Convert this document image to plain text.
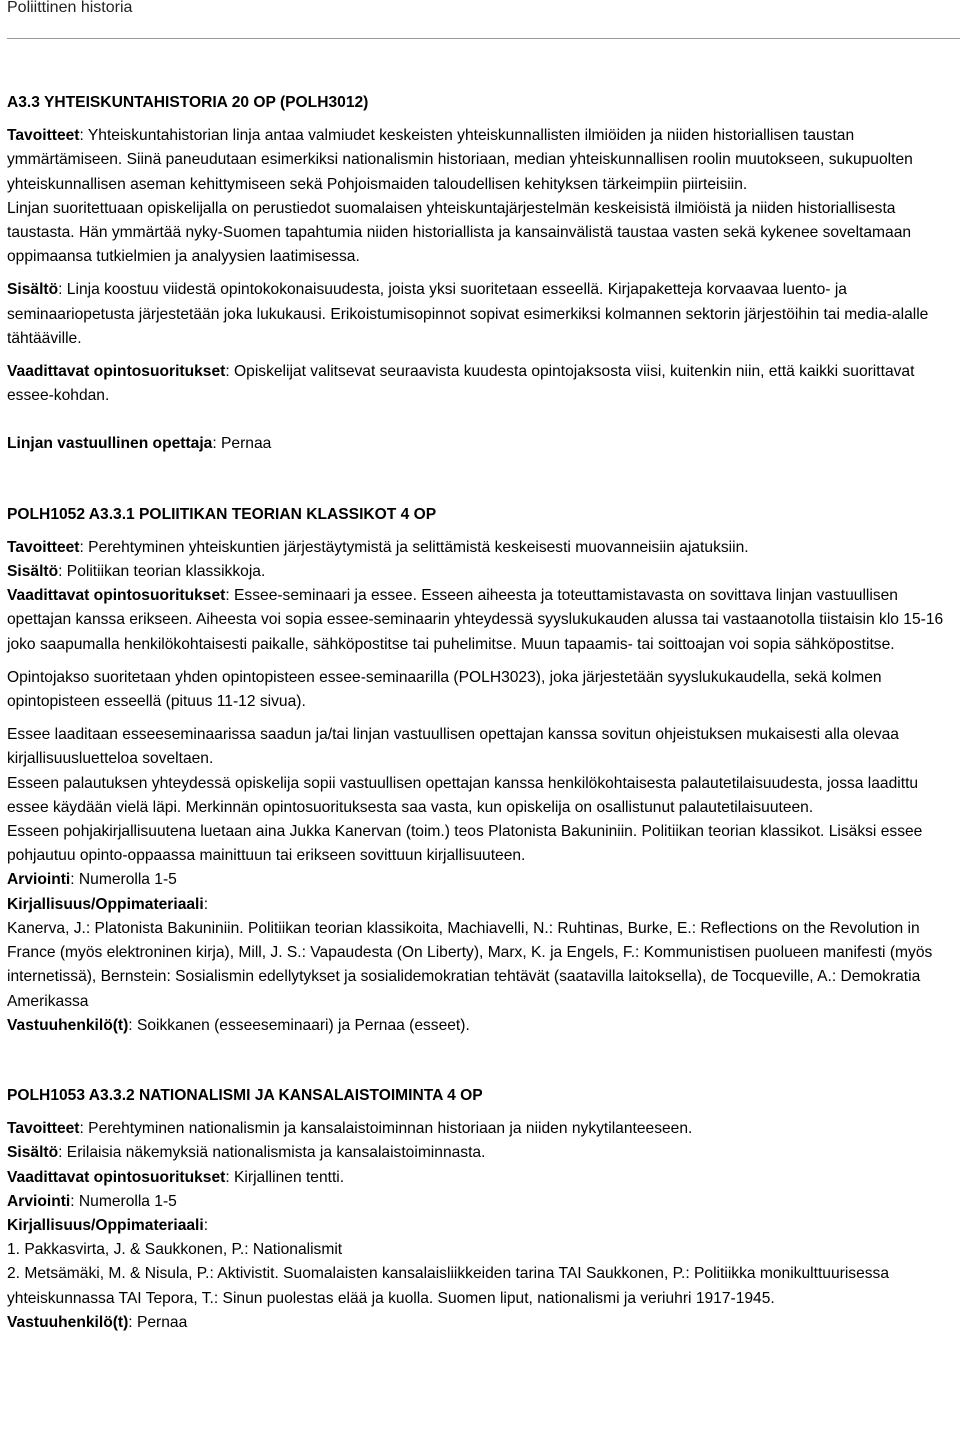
Poliittinen historia

A3.3 YHTEISKUNTAHISTORIA 20 OP (POLH3012)

Tavoitteet: Yhteiskuntahistorian linja antaa valmiudet keskeisten yhteiskunnallisten ilmiöiden ja niiden historiallisen taustan ymmärtämiseen. Siinä paneudutaan esimerkiksi nationalismin historiaan, median yhteiskunnallisen roolin muutokseen, sukupuolten yhteiskunnallisen aseman kehittymiseen sekä Pohjoismaiden taloudellisen kehityksen tärkeimpiin piirteisiin.

Linjan suoritettuaan opiskelijalla on perustiedot suomalaisen yhteiskuntajärjestelmän keskeisistä ilmiöistä ja niiden historiallisesta taustasta. Hän ymmärtää nyky-Suomen tapahtumia niiden historiallista ja kansainvälistä taustaa vasten sekä kykenee soveltamaan oppimaansa tutkielmien ja analyysien laatimisessa.

Sisältö: Linja koostuu viidestä opintokokonaisuudesta, joista yksi suoritetaan esseellä. Kirjapaketteja korvaavaa luento- ja seminaariopetusta järjestetään joka lukukausi. Erikoistumisopinnot sopivat esimerkiksi kolmannen sektorin järjestöihin tai media-alalle tähtääville.

Vaadittavat opintosuoritukset: Opiskelijat valitsevat seuraavista kuudesta opintojaksosta viisi, kuitenkin niin, että kaikki suorittavat essee-kohdan.

Linjan vastuullinen opettaja: Pernaa

POLH1052 A3.3.1 POLIITIKAN TEORIAN KLASSIKOT 4 OP

Tavoitteet: Perehtyminen yhteiskuntien järjestäytymistä ja selittämistä keskeisesti muovanneisiin ajatuksiin.

Sisältö: Politiikan teorian klassikkoja.

Vaadittavat opintosuoritukset: Essee-seminaari ja essee. Esseen aiheesta ja toteuttamistavasta on sovittava linjan vastuullisen opettajan kanssa erikseen. Aiheesta voi sopia essee-seminaarin yhteydessä syyslukukauden alussa tai vastaanotolla tiistaisin klo 15-16 joko saapumalla henkilökohtaisesti paikalle, sähköpostitse tai puhelimitse. Muun tapaamis- tai soittoajan voi sopia sähköpostitse.

Opintojakso suoritetaan yhden opintopisteen essee-seminaarilla (POLH3023), joka järjestetään syyslukukaudella, sekä kolmen opintopisteen esseellä (pituus 11-12 sivua).

Essee laaditaan esseeseminaarissa saadun ja/tai linjan vastuullisen opettajan kanssa sovitun ohjeistuksen mukaisesti alla olevaa kirjallisuusluetteloa soveltaen.

Esseen palautuksen yhteydessä opiskelija sopii vastuullisen opettajan kanssa henkilökohtaisesta palautetilaisuudesta, jossa laadittu essee käydään vielä läpi. Merkinnän opintosuorituksesta saa vasta, kun opiskelija on osallistunut palautetilaisuuteen.

Esseen pohjakirjallisuutena luetaan aina Jukka Kanervan (toim.) teos Platonista Bakuniniin. Politiikan teorian klassikot. Lisäksi essee pohjautuu opinto-oppaassa mainittuun tai erikseen sovittuun kirjallisuuteen.

Arviointi: Numerolla 1-5

Kirjallisuus/Oppimateriaali:

Kanerva, J.: Platonista Bakuniniin. Politiikan teorian klassikoita, Machiavelli, N.: Ruhtinas, Burke, E.: Reflections on the Revolution in France (myös elektroninen kirja), Mill, J. S.: Vapaudesta (On Liberty), Marx, K. ja Engels, F.: Kommunistisen puolueen manifesti (myös internetissä), Bernstein: Sosialismin edellytykset ja sosialidemokratian tehtävät (saatavilla laitoksella), de Tocqueville, A.: Demokratia Amerikassa

Vastuuhenkilö(t): Soikkanen (esseeseminaari) ja Pernaa (esseet).

POLH1053 A3.3.2 NATIONALISMI JA KANSALAISTOIMINTA 4 OP

Tavoitteet: Perehtyminen nationalismin ja kansalaistoiminnan historiaan ja niiden nykytilanteeseen.

Sisältö: Erilaisia näkemyksiä nationalismista ja kansalaistoiminnasta.

Vaadittavat opintosuoritukset: Kirjallinen tentti.

Arviointi: Numerolla 1-5

Kirjallisuus/Oppimateriaali:

1. Pakkasvirta, J. & Saukkonen, P.: Nationalismit

2. Metsämäki, M. & Nisula, P.: Aktivistit. Suomalaisten kansalaisliikkeiden tarina TAI Saukkonen, P.: Politiikka monikulttuurisessa yhteiskunnassa TAI Tepora, T.: Sinun puolestas elää ja kuolla. Suomen liput, nationalismi ja veriuhri 1917-1945.

Vastuuhenkilö(t): Pernaa
